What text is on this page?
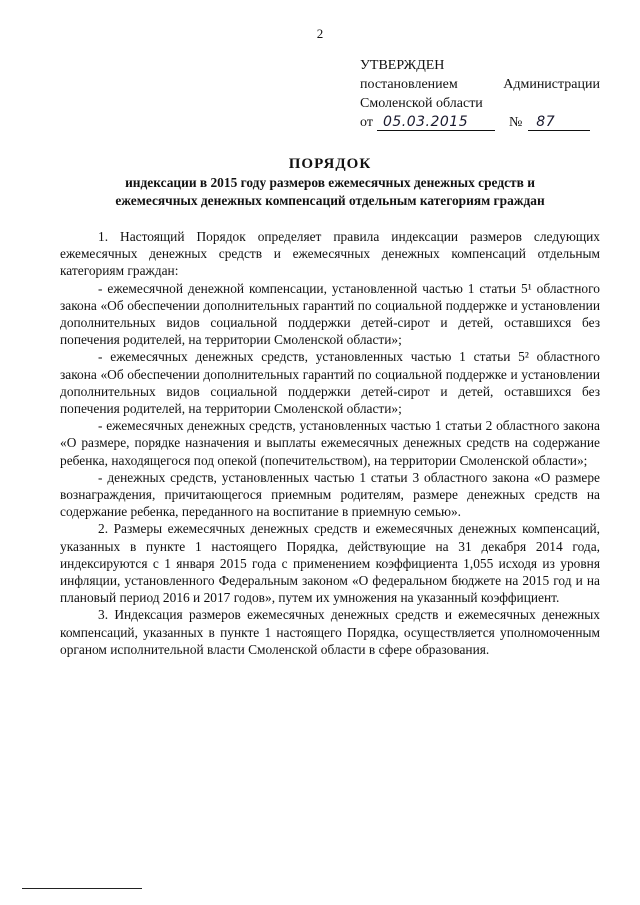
2
УТВЕРЖДЕН
постановлением	Администрации
Смоленской области
от 05.03.2015	№	87
ПОРЯДОК
индексации в 2015 году размеров ежемесячных денежных средств и
ежемесячных денежных компенсаций отдельным категориям граждан

1. Настоящий Порядок определяет правила индексации размеров следующих ежемесячных денежных средств и ежемесячных денежных компенсаций отдельным категориям граждан:

- ежемесячной денежной компенсации, установленной частью 1 статьи 5¹ областного закона «Об обеспечении дополнительных гарантий по социальной поддержке и установлении дополнительных видов социальной поддержки детей-сирот и детей, оставшихся без попечения родителей, на территории Смоленской области»;

- ежемесячных денежных средств, установленных частью 1 статьи 5² областного закона «Об обеспечении дополнительных гарантий по социальной поддержке и установлении дополнительных видов социальной поддержки детей-сирот и детей, оставшихся без попечения родителей, на территории Смоленской области»;

- ежемесячных денежных средств, установленных частью 1 статьи 2 областного закона «О размере, порядке назначения и выплаты ежемесячных денежных средств на содержание ребенка, находящегося под опекой (попечительством), на территории Смоленской области»;

- денежных средств, установленных частью 1 статьи 3 областного закона «О размере вознаграждения, причитающегося приемным родителям, размере денежных средств на содержание ребенка, переданного на воспитание в приемную семью».

2. Размеры ежемесячных денежных средств и ежемесячных денежных компенсаций, указанных в пункте 1 настоящего Порядка, действующие на 31 декабря 2014 года, индексируются с 1 января 2015 года с применением коэффициента 1,055 исходя из уровня инфляции, установленного Федеральным законом «О федеральном бюджете на 2015 год и на плановый период 2016 и 2017 годов», путем их умножения на указанный коэффициент.

3. Индексация размеров ежемесячных денежных средств и ежемесячных денежных компенсаций, указанных в пункте 1 настоящего Порядка, осуществляется уполномоченным органом исполнительной власти Смоленской области в сфере образования.
